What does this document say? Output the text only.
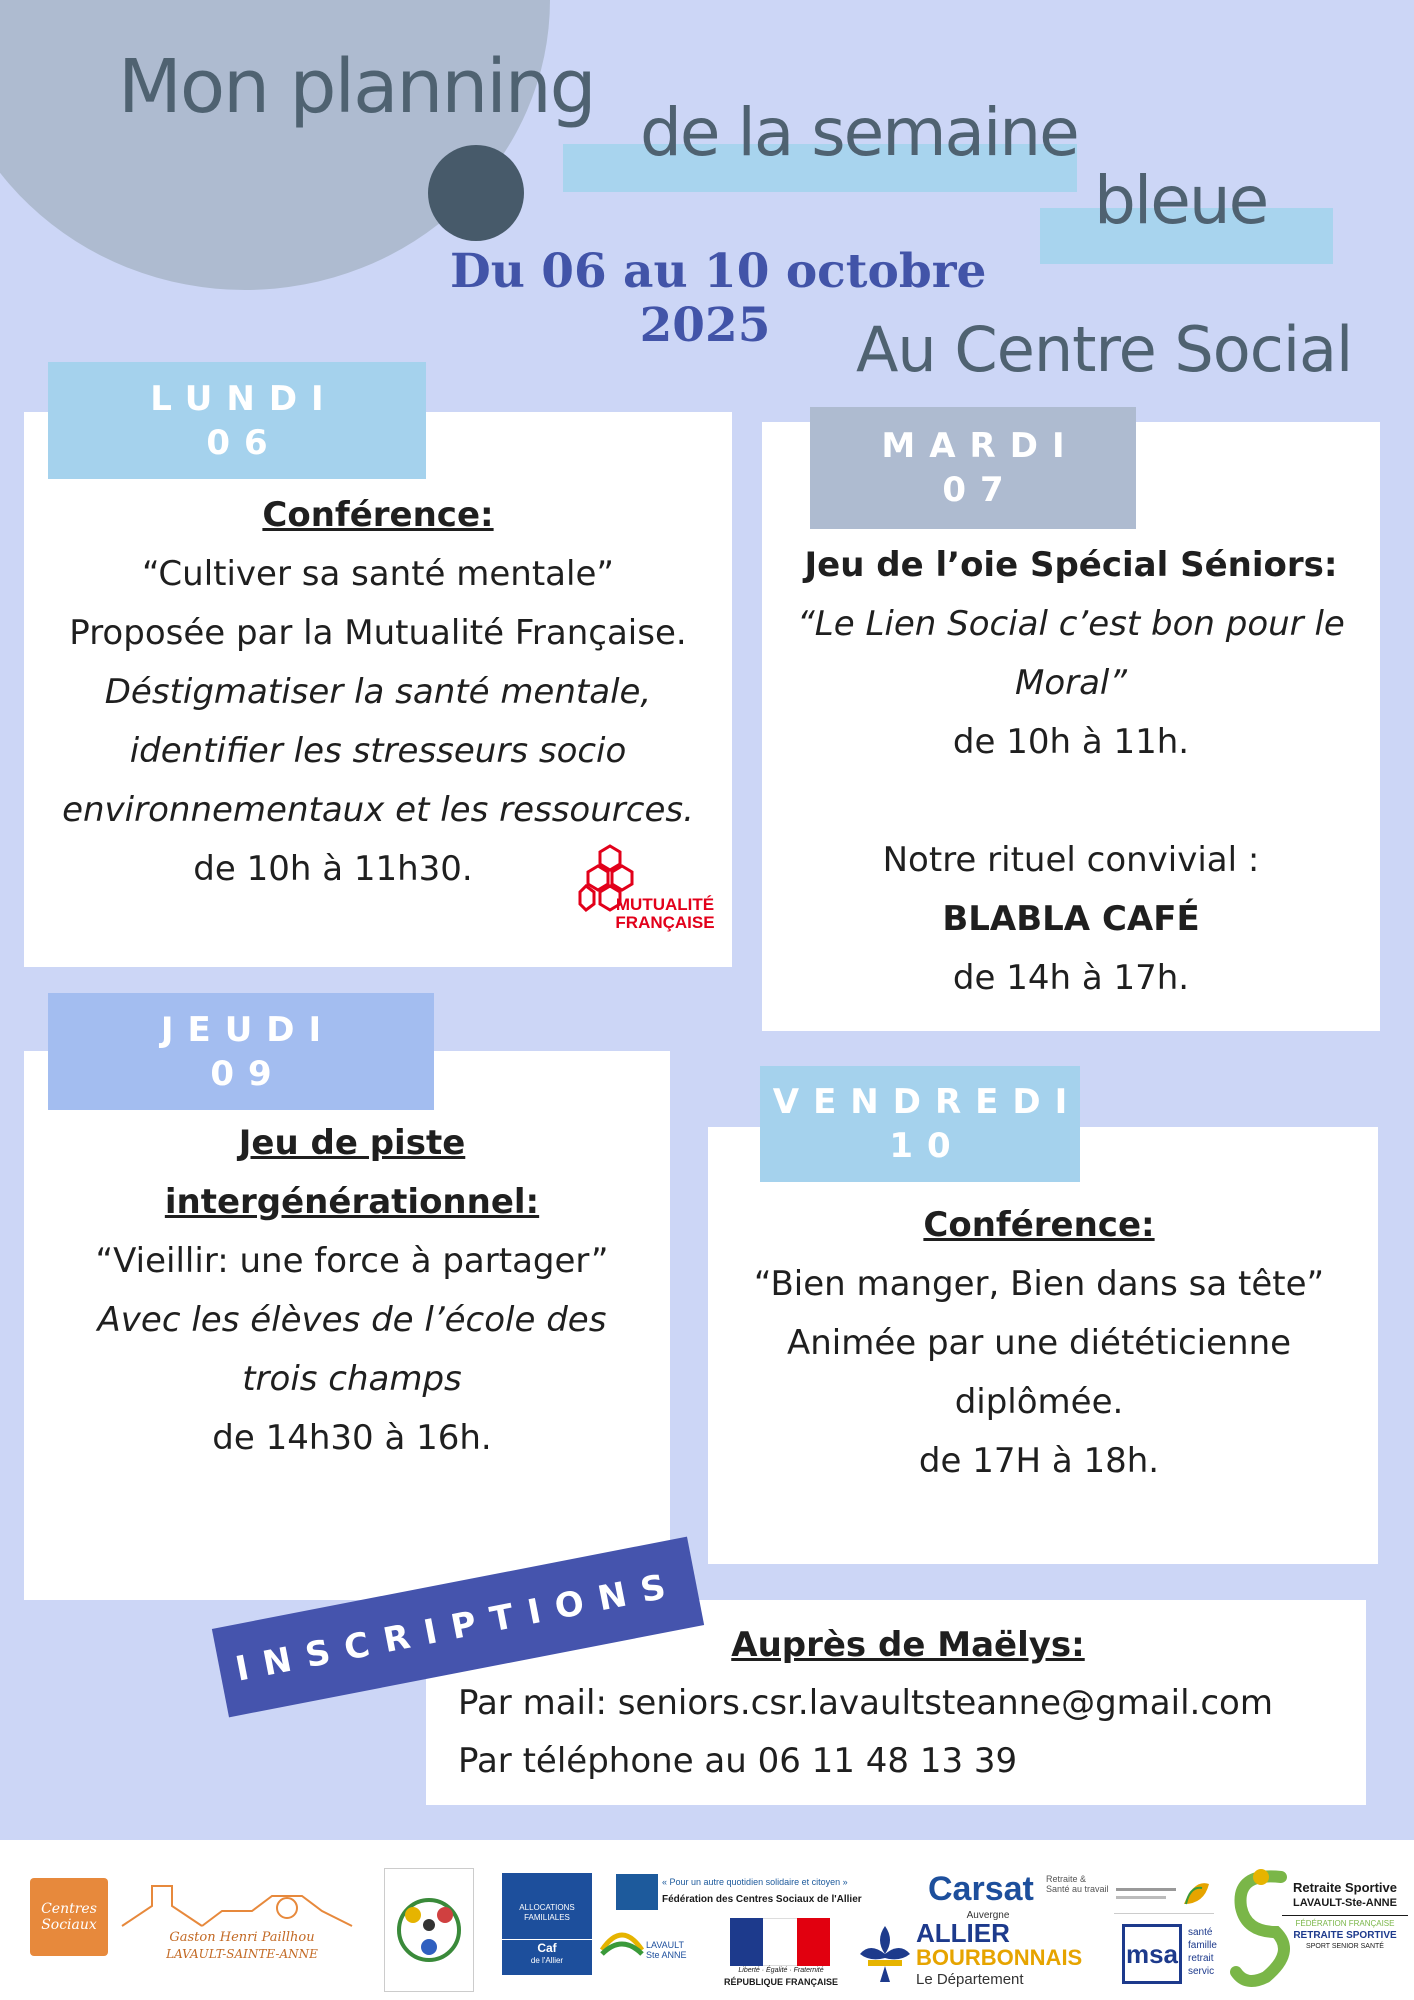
Mon planning
de la semaine
bleue
Du 06 au 10 octobre
2025	Au Centre Social
LUNDI
06
Conférence:
“Cultiver sa santé mentale”
Proposée par la Mutualité Française.
Déstigmatiser la santé mentale,
identifier les stresseurs socio
environnementaux et les ressources.
de 10h à 11h30.
MUTUALITÉ
FRANÇAISE
MARDI
07
Jeu de l’oie Spécial Séniors:
“Le Lien Social c’est bon pour le
Moral”
de 10h à 11h.
Notre rituel convivial :
BLABLA CAFÉ
de 14h à 17h.
JEUDI
09
Jeu de piste
intergénérationnel:
“Vieillir: une force à partager”
Avec les élèves de l’école des
trois champs
de 14h30 à 16h.
VENDREDI
10
Conférence:
“Bien manger, Bien dans sa tête”
Animée par une diététicienne
diplômée.
de 17H à 18h.
INSCRIPTIONS	Auprès de Maëlys:
Par mail: seniors.csr.lavaultsteanne@gmail.com
Par téléphone au 06 11 48 13 39
Centres Sociaux
Gaston Henri Paillhou
LAVAULT-SAINTE-ANNE
ALLOCATIONS
FAMILIALES
Caf
de l'Allier
« Pour un autre quotidien solidaire et citoyen »
Fédération des Centres Sociaux de l'Allier
LAVAULT
Ste ANNE
Liberté · Égalité · Fraternité
RÉPUBLIQUE FRANÇAISE
Carsat Retraite & Santé au travail
Auvergne
ALLIER
BOURBONNAIS
Le Département
msa
santé
famille
retrait
servic
Retraite Sportive
LAVAULT-Ste-ANNE
FÉDÉRATION FRANÇAISE
RETRAITE SPORTIVE
SPORT SENIOR SANTÉ
